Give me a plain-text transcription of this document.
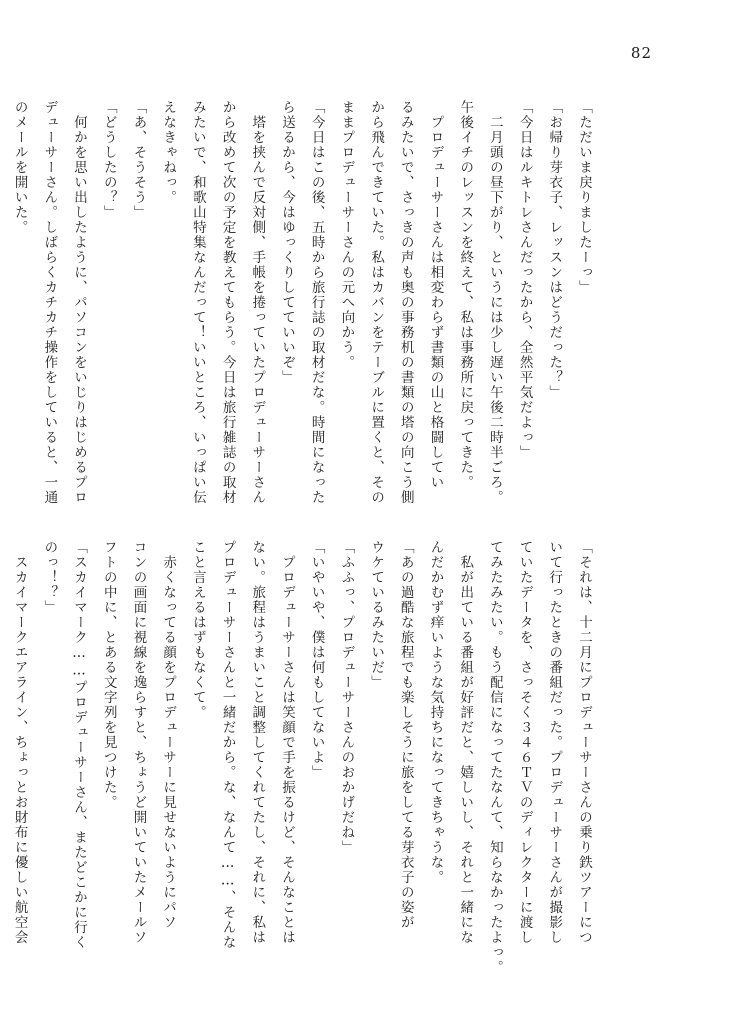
82
「ただいま戻りましたーっ」
「お帰り芽衣子、レッスンはどうだった？」
「今日はルキトレさんだったから、全然平気だよっ」
　二月頭の昼下がり、というには少し遅い午後二時半ごろ。
午後イチのレッスンを終えて、私は事務所に戻ってきた。
　プロデューサーさんは相変わらず書類の山と格闘してい
るみたいで、さっきの声も奥の事務机の書類の塔の向こう側
から飛んできていた。私はカバンをテーブルに置くと、その
ままプロデューサーさんの元へ向かう。
「今日はこの後、五時から旅行誌の取材だな。時間になった
ら送るから、今はゆっくりしてていいぞ」
　塔を挟んで反対側、手帳を捲っていたプロデューサーさん
から改めて次の予定を教えてもらう。今日は旅行雑誌の取材
みたいで、和歌山特集なんだって！いいところ、いっぱい伝
えなきゃねっ。
「あ、そうそう」
「どうしたの？」
　何かを思い出したように、パソコンをいじりはじめるプロ
デューサーさん。しばらくカチカチ操作をしていると、一通
のメールを開いた。
「それは、十二月にプロデューサーさんの乗り鉄ツアーにつ
いて行ったときの番組だった。プロデューサーさんが撮影し
ていたデータを、さっそく３４６ＴＶのディレクターに渡し
てみたみたい。もう配信になってたなんて、知らなかったよっ。
　私が出ている番組が好評だと、嬉しいし、それと一緒にな
んだかむず痒いような気持ちになってきちゃうな。
「あの過酷な旅程でも楽しそうに旅をしてる芽衣子の姿が
ウケているみたいだ」
「ふふっ、プロデューサーさんのおかげだね」
「いやいや、僕は何もしてないよ」
　プロデューサーさんは笑顔で手を振るけど、そんなことは
ない。旅程はうまいこと調整してくれてたし、それに、私は
プロデューサーさんと一緒だから。な、なんて……、そんな
こと言えるはずもなくて。
　赤くなってる顔をプロデューサーに見せないようにパソ
コンの画面に視線を逸らすと、ちょうど開いていたメールソ
フトの中に、とある文字列を見つけた。
「スカイマーク……プロデューサーさん、またどこかに行く
のっ！？」
　スカイマークエアライン、ちょっとお財布に優しい航空会
